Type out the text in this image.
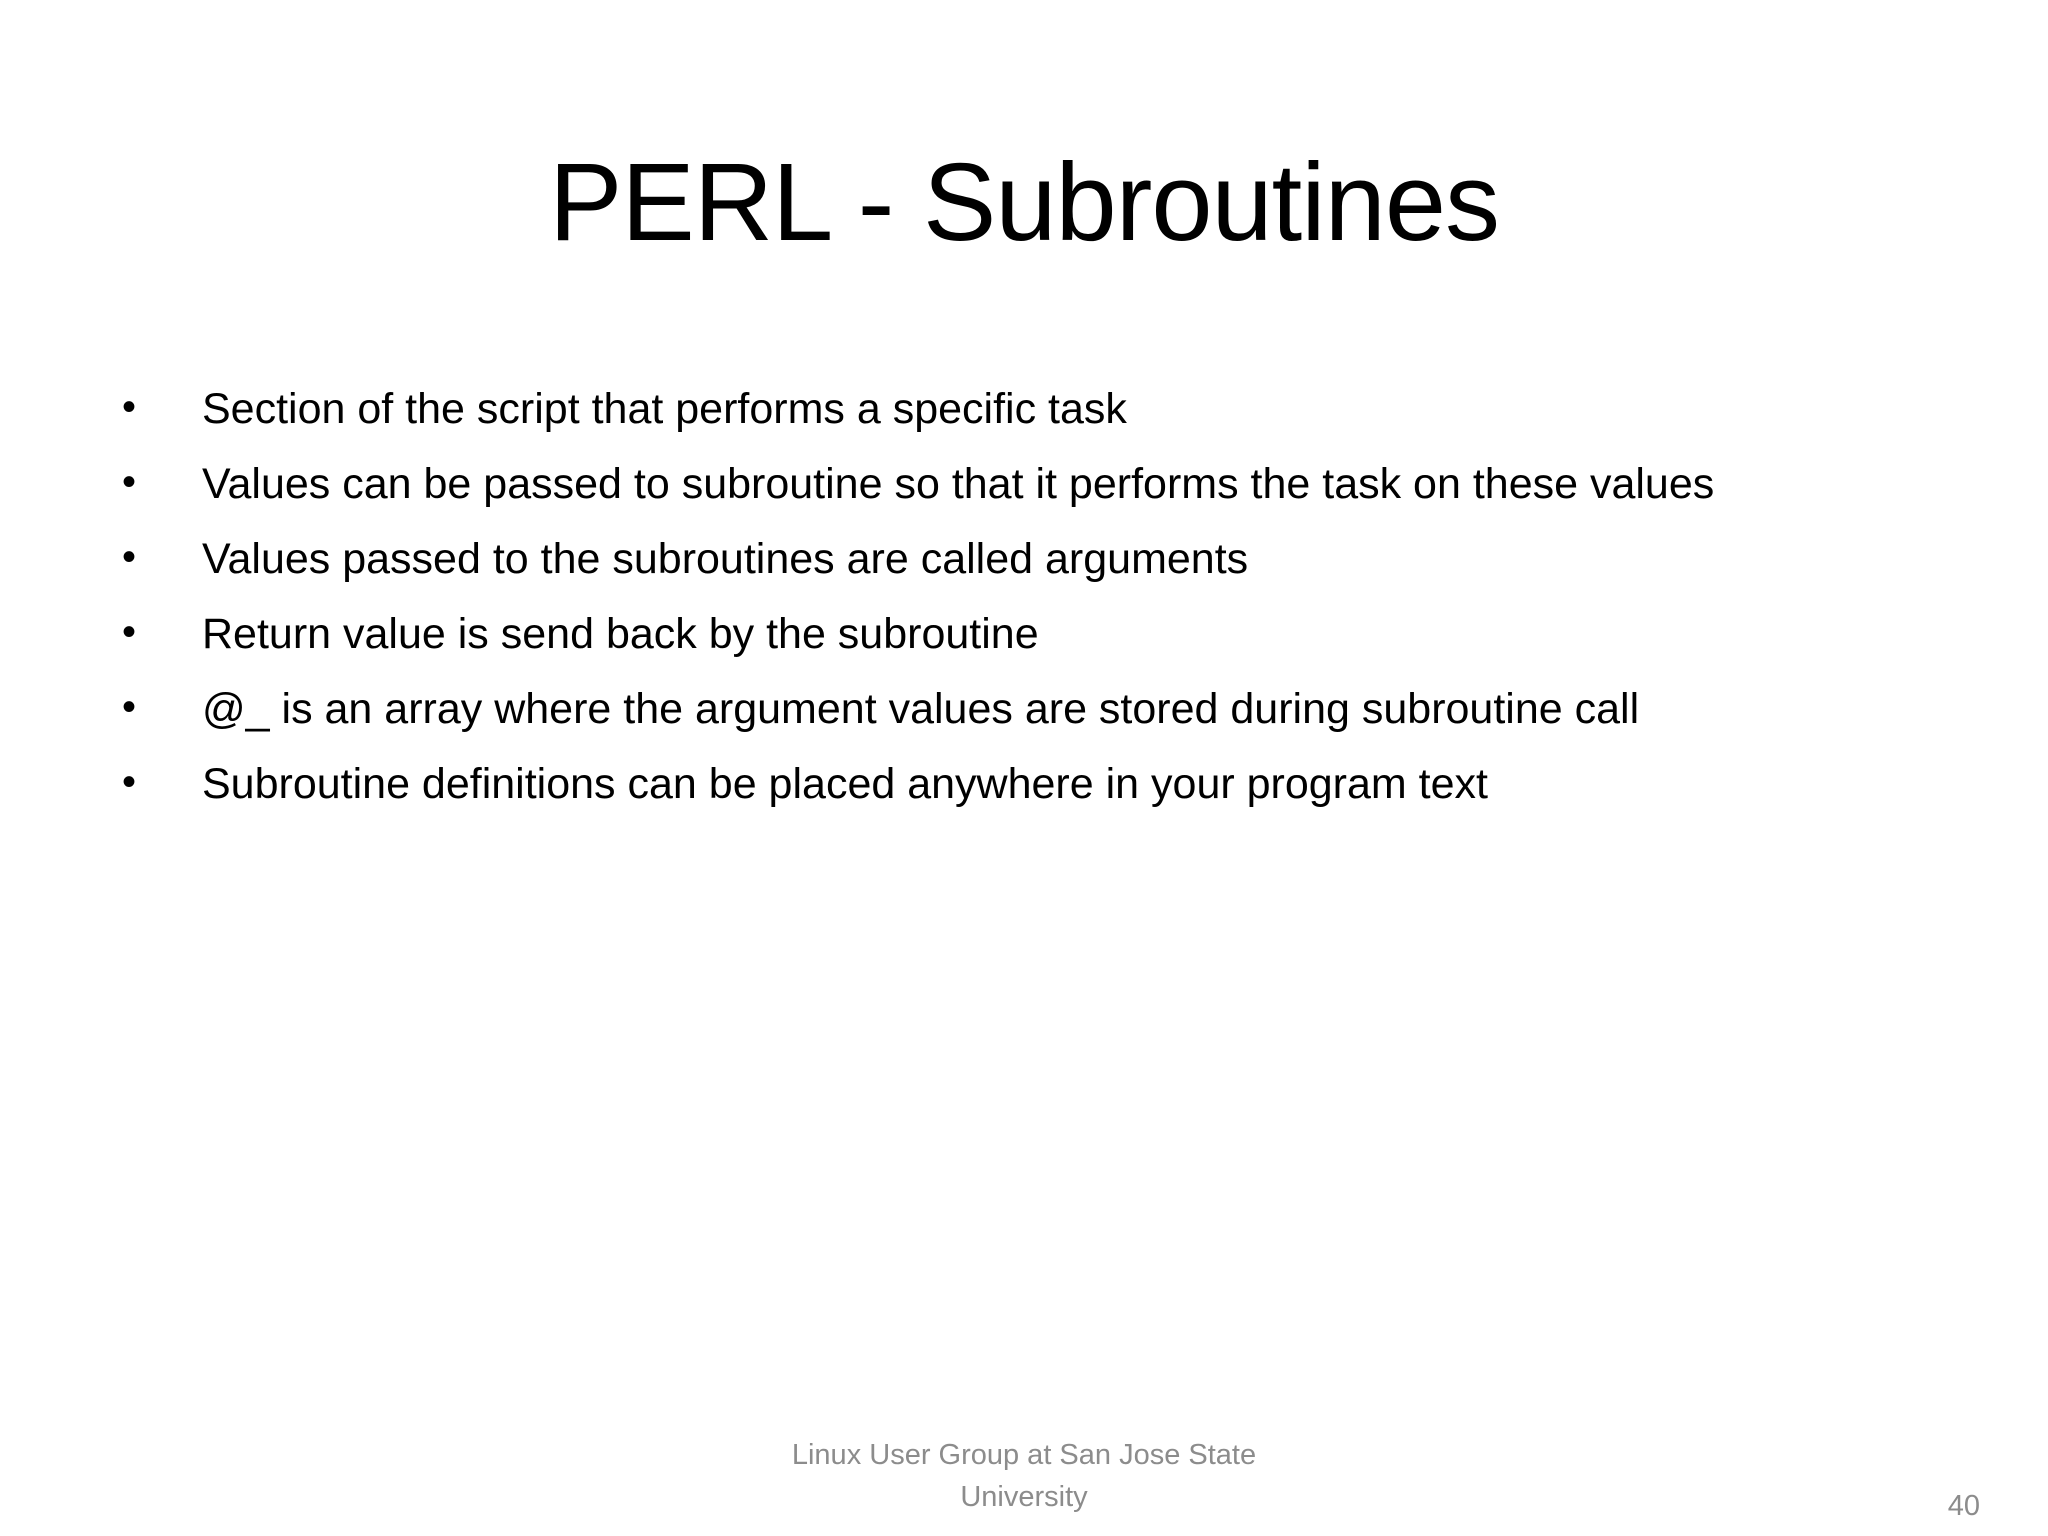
PERL - Subroutines
• Section of the script that performs a specific task
• Values can be passed to subroutine so that it performs the task on these values
• Values passed to the subroutines are called arguments
• Return value is send back by the subroutine
• @_ is an array where the argument values are stored during subroutine call
• Subroutine definitions can be placed anywhere in your program text
Linux User Group at San Jose State
University	40
